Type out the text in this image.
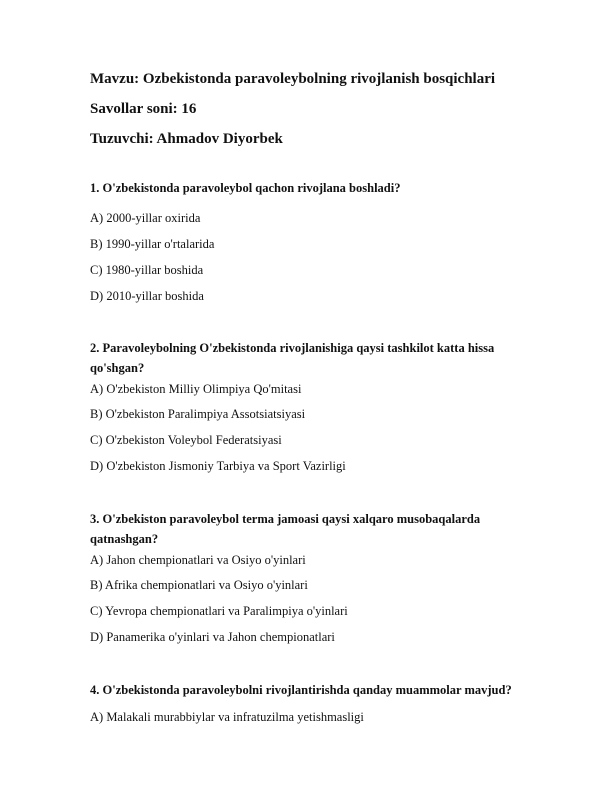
Mavzu: Ozbekistonda paravoleybolning rivojlanish bosqichlari
Savollar soni: 16
Tuzuvchi: Ahmadov Diyorbek
1. O'zbekistonda paravoleybol qachon rivojlana boshladi?
A) 2000-yillar oxirida
B) 1990-yillar o'rtalarida
C) 1980-yillar boshida
D) 2010-yillar boshida
2. Paravoleybolning O'zbekistonda rivojlanishiga qaysi tashkilot katta hissa qo'shgan?
A) O'zbekiston Milliy Olimpiya Qo'mitasi
B) O'zbekiston Paralimpiya Assotsiatsiyasi
C) O'zbekiston Voleybol Federatsiyasi
D) O'zbekiston Jismoniy Tarbiya va Sport Vazirligi
3. O'zbekiston paravoleybol terma jamoasi qaysi xalqaro musobaqalarda qatnashgan?
A) Jahon chempionatlari va Osiyo o'yinlari
B) Afrika chempionatlari va Osiyo o'yinlari
C) Yevropa chempionatlari va Paralimpiya o'yinlari
D) Panamerika o'yinlari va Jahon chempionatlari
4. O'zbekistonda paravoleybolni rivojlantirishda qanday muammolar mavjud?
A) Malakali murabbiylar va infratuzilma yetishmasligi
